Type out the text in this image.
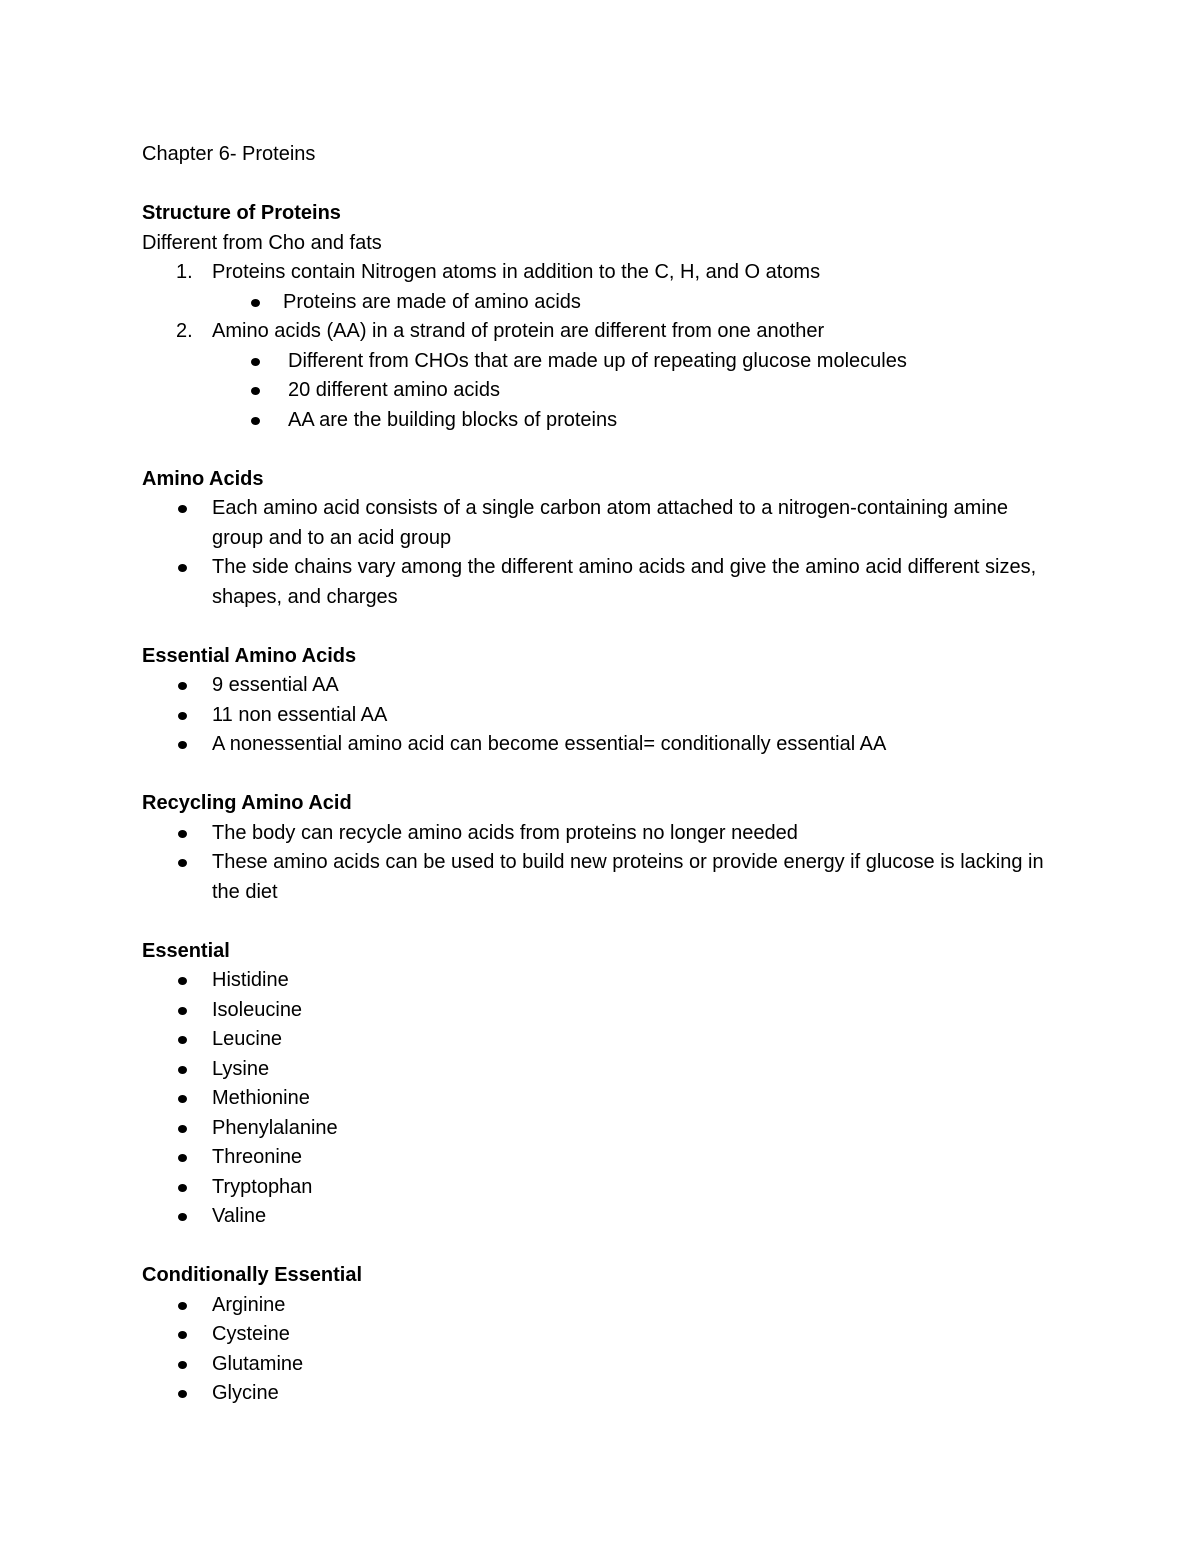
Chapter 6- Proteins

Structure of Proteins

Different from Cho and fats

1. Proteins contain Nitrogen atoms in addition to the C, H, and O atoms
Proteins are made of amino acids
2. Amino acids (AA) in a strand of protein are different from one another
Different from CHOs that are made up of repeating glucose molecules
20 different amino acids
AA are the building blocks of proteins

Amino Acids

Each amino acid consists of a single carbon atom attached to a nitrogen-containing amine group and to an acid group
The side chains vary among the different amino acids and give the amino acid different sizes, shapes, and charges

Essential Amino Acids

9 essential AA
11 non essential AA
A nonessential amino acid can become essential= conditionally essential AA

Recycling Amino Acid

The body can recycle amino acids from proteins no longer needed
These amino acids can be used to build new proteins or provide energy if glucose is lacking in the diet

Essential

Histidine
Isoleucine
Leucine
Lysine
Methionine
Phenylalanine
Threonine
Tryptophan
Valine

Conditionally Essential

Arginine
Cysteine
Glutamine
Glycine
